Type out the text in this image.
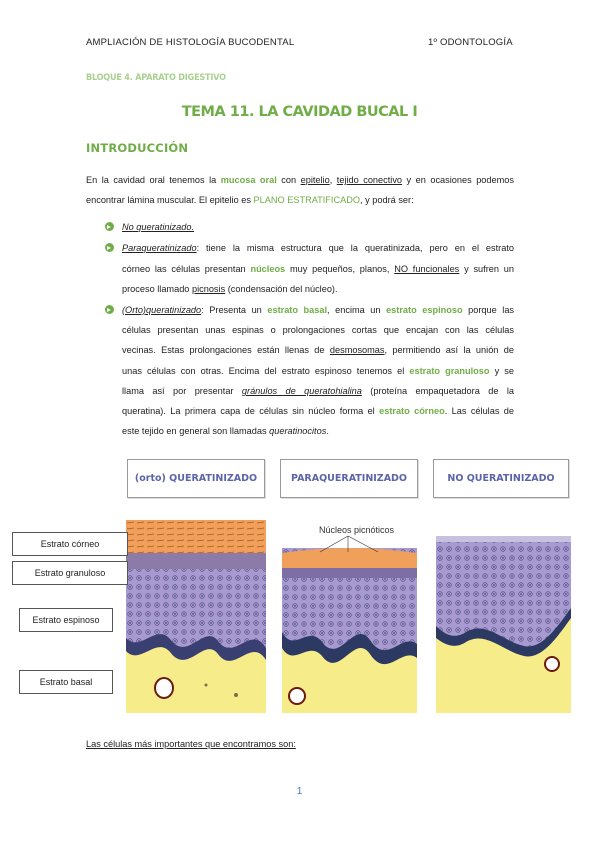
AMPLIACIÓN DE HISTOLOGÍA BUCODENTAL	1º ODONTOLOGÍA
BLOQUE 4. APARATO DIGESTIVO
TEMA 11. LA CAVIDAD BUCAL I
INTRODUCCIÓN
En la cavidad oral tenemos la mucosa oral con epitelio, tejido conectivo y en ocasiones podemos
encontrar lámina muscular. El epitelio es PLANO ESTRATIFICADO, y podrá ser:
No queratinizado.
Paraqueratinizado: tiene la misma estructura que la queratinizada, pero en el estrato
córneo las células presentan núcleos muy pequeños, planos, NO funcionales y sufren un
proceso llamado picnosis (condensación del núcleo).
(Orto)queratinizado: Presenta un estrato basal, encima un estrato espinoso porque las
células presentan unas espinas o prolongaciones cortas que encajan con las células
vecinas. Estas prolongaciones están llenas de desmosomas, permitiendo así la unión de
unas células con otras. Encima del estrato espinoso tenemos el estrato granuloso y se
llama así por presentar gránulos de queratohialina (proteína empaquetadora de la
queratina). La primera capa de células sin núcleo forma el estrato córneo. Las células de
este tejido en general son llamadas queratinocitos.
(orto) QUERATINIZADO	PARAQUERATINIZADO	NO QUERATINIZADO
Núcleos picnóticos
Estrato córneo
Estrato granuloso
Estrato espinoso
Estrato basal
Las células más importantes que encontramos son:
1
